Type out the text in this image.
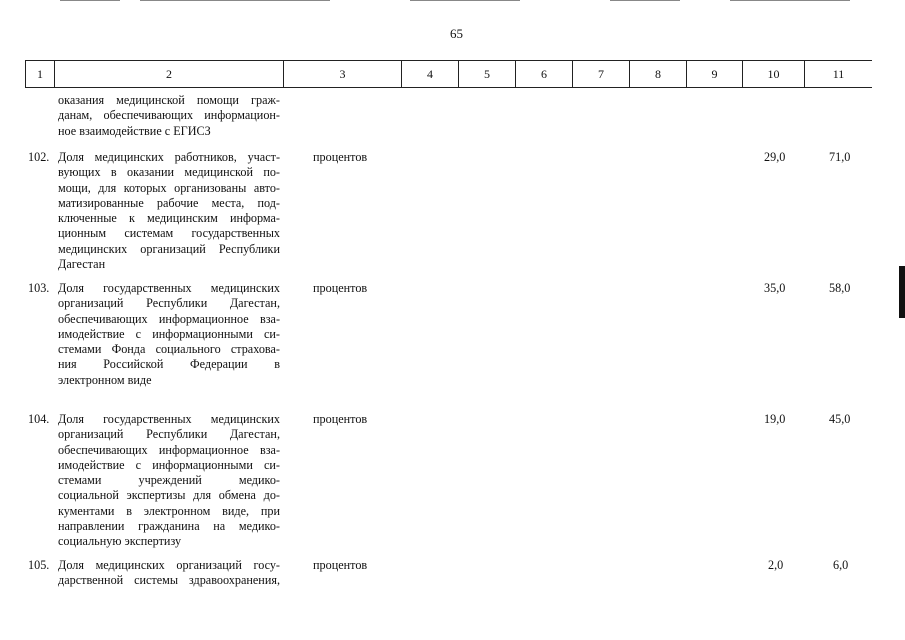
65
1	2	3	4	5	6	7	8	9	10	11
оказания медицинской помощи граж-
данам, обеспечивающих информацион-
ное взаимодействие с ЕГИСЗ
102. Доля медицинских работников, участ-
вующих в оказании медицинской по-
мощи, для которых организованы авто-
матизированные рабочие места, под-
ключенные к медицинским информа-
ционным системам государственных
медицинских организаций Республики
Дагестан
процентов	29,0	71,0
103. Доля государственных медицинских
организаций Республики Дагестан,
обеспечивающих информационное вза-
имодействие с информационными си-
стемами Фонда социального страхова-
ния Российской Федерации в
электронном виде
процентов	35,0	58,0
104. Доля государственных медицинских
организаций Республики Дагестан,
обеспечивающих информационное вза-
имодействие с информационными си-
стемами учреждений медико-
социальной экспертизы для обмена до-
кументами в электронном виде, при
направлении гражданина на медико-
социальную экспертизу
процентов	19,0	45,0
105. Доля медицинских организаций госу-
дарственной системы здравоохранения,
процентов	2,0	6,0
